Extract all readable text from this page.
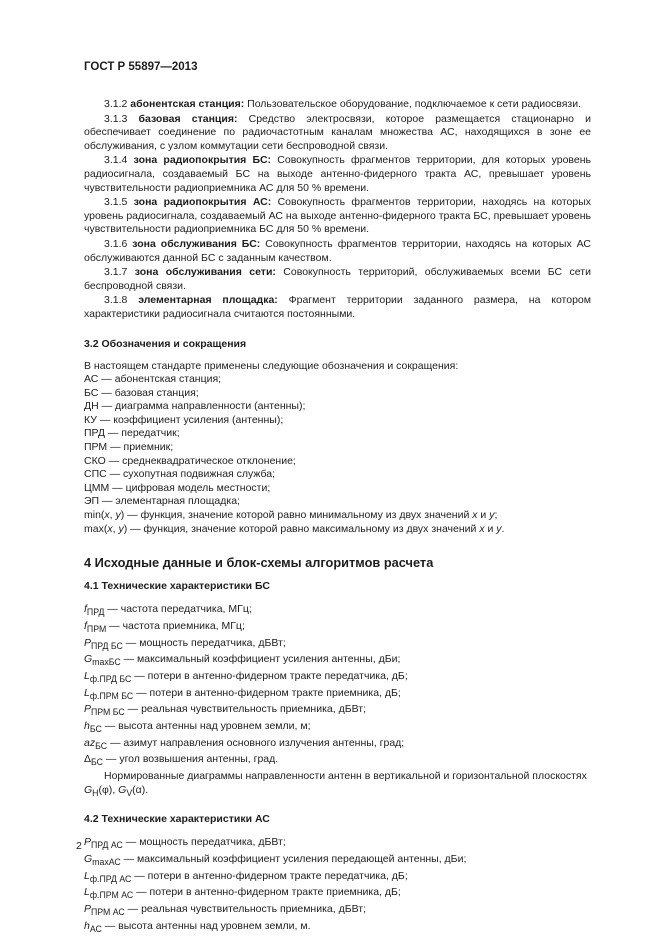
ГОСТ Р 55897—2013

3.1.2 абонентская станция: Пользовательское оборудование, подключаемое к сети радиосвязи.

3.1.3 базовая станция: Средство электросвязи, которое размещается стационарно и обеспечивает соединение по радиочастотным каналам множества АС, находящихся в зоне ее обслуживания, с узлом коммутации сети беспроводной связи.

3.1.4 зона радиопокрытия БС: Совокупность фрагментов территории, для которых уровень радиосигнала, создаваемый БС на выходе антенно-фидерного тракта АС, превышает уровень чувствительности радиоприемника АС для 50 % времени.

3.1.5 зона радиопокрытия АС: Совокупность фрагментов территории, находясь на которых уровень радиосигнала, создаваемый АС на выходе антенно-фидерного тракта БС, превышает уровень чувствительности радиоприемника БС для 50 % времени.

3.1.6 зона обслуживания БС: Совокупность фрагментов территории, находясь на которых АС обслуживаются данной БС с заданным качеством.

3.1.7 зона обслуживания сети: Совокупность территорий, обслуживаемых всеми БС сети беспроводной связи.

3.1.8 элементарная площадка: Фрагмент территории заданного размера, на котором характеристики радиосигнала считаются постоянными.

3.2 Обозначения и сокращения

В настоящем стандарте применены следующие обозначения и сокращения:

АС — абонентская станция;

БС — базовая станция;

ДН — диаграмма направленности (антенны);

КУ — коэффициент усиления (антенны);

ПРД — передатчик;

ПРМ — приемник;

СКО — среднеквадратическое отклонение;

СПС — сухопутная подвижная служба;

ЦММ — цифровая модель местности;

ЭП — элементарная площадка;

min(x, y) — функция, значение которой равно минимальному из двух значений x и y;

max(x, y) — функция, значение которой равно максимальному из двух значений x и y.

4 Исходные данные и блок-схемы алгоритмов расчета

4.1 Технические характеристики БС

$f_{ПРД}$ — частота передатчика, МГц;

$f_{ПРМ}$ — частота приемника, МГц;

$P_{ПРД БС}$ — мощность передатчика, дБВт;

$G_{maxБС}$ — максимальный коэффициент усиления антенны, дБи;

$L_{ф.ПРД БС}$ — потери в антенно-фидерном тракте передатчика, дБ;

$L_{ф.ПРМ БС}$ — потери в антенно-фидерном тракте приемника, дБ;

$P_{ПРМ БС}$ — реальная чувствительность приемника, дБВт;

$h_{БС}$ — высота антенны над уровнем земли, м;

$az_{БС}$ — азимут направления основного излучения антенны, град;

$\Delta_{БС}$ — угол возвышения антенны, град.

Нормированные диаграммы направленности антенн в вертикальной и горизонтальной плоскостях

$G_H(\varphi)$, $G_V(\alpha)$.

4.2 Технические характеристики АС

$P_{ПРД АС}$ — мощность передатчика, дБВт;

$G_{maxАС}$ — максимальный коэффициент усиления передающей антенны, дБи;

$L_{ф.ПРД АС}$ — потери в антенно-фидерном тракте передатчика, дБ;

$L_{ф.ПРМ АС}$ — потери в антенно-фидерном тракте приемника, дБ;

$P_{ПРМ АС}$ — реальная чувствительность приемника, дБВт;

$h_{АС}$ — высота антенны над уровнем земли, м.

2
